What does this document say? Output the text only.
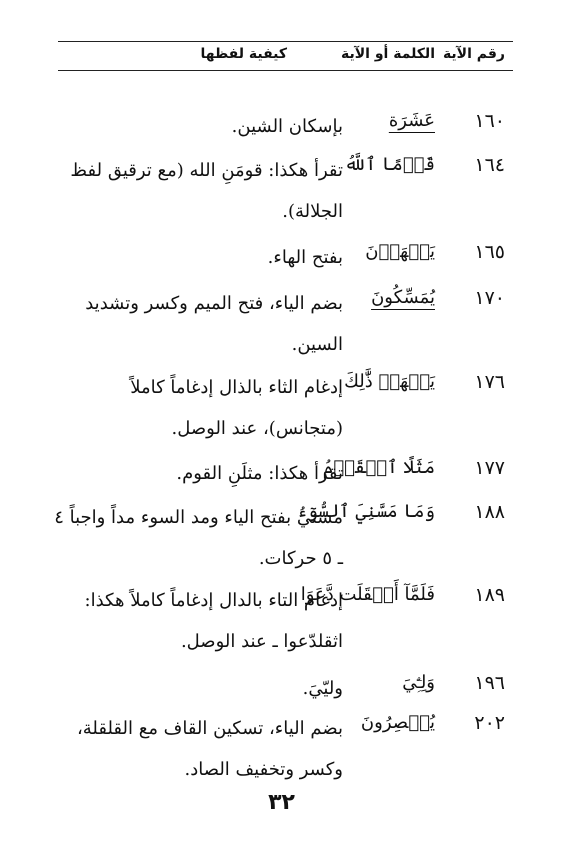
رقم الآية
الكلمة أو الآية
كيفية لفظها
١٦٠
عَشَرَة
بإسكان الشين.
١٦٤
قَوۡمًا ٱللَّهُ
تقرأ هكذا: قومَنِ الله (مع ترقيق لفظ الجلالة).
١٦٥
يَنۡهَوۡنَ
بفتح الهاء.
١٧٠
يُمَسِّكُونَ
بضم الياء، فتح الميم وكسر وتشديد السين.
١٧٦
يَلۡهَثۚ ذَّٰلِكَ
إدغام الثاء بالذال إدغاماً كاملاً (متجانس)، عند الوصل.
١٧٧
مَثَلًا ٱلۡقَوۡمُ
تقرأ هكذا: مثلَنِ القوم.
١٨٨
وَمَا مَسَّنِيَ ٱلسُّوٓءُ
مسنيَ بفتح الياء ومد السوء مداً واجباً ٤ ـ ٥ حركات.
١٨٩
فَلَمَّآ أَثۡقَلَت دَّعَوَا
إدغام التاء بالدال إدغاماً كاملاً هكذا: اثقلدّعوا ـ عند الوصل.
١٩٦
وَلِـِّۧيَ
وليّيَ.
٢٠٢
يُقۡصِرُونَ
بضم الياء، تسكين القاف مع القلقلة، وكسر وتخفيف الصاد.
٣٢
